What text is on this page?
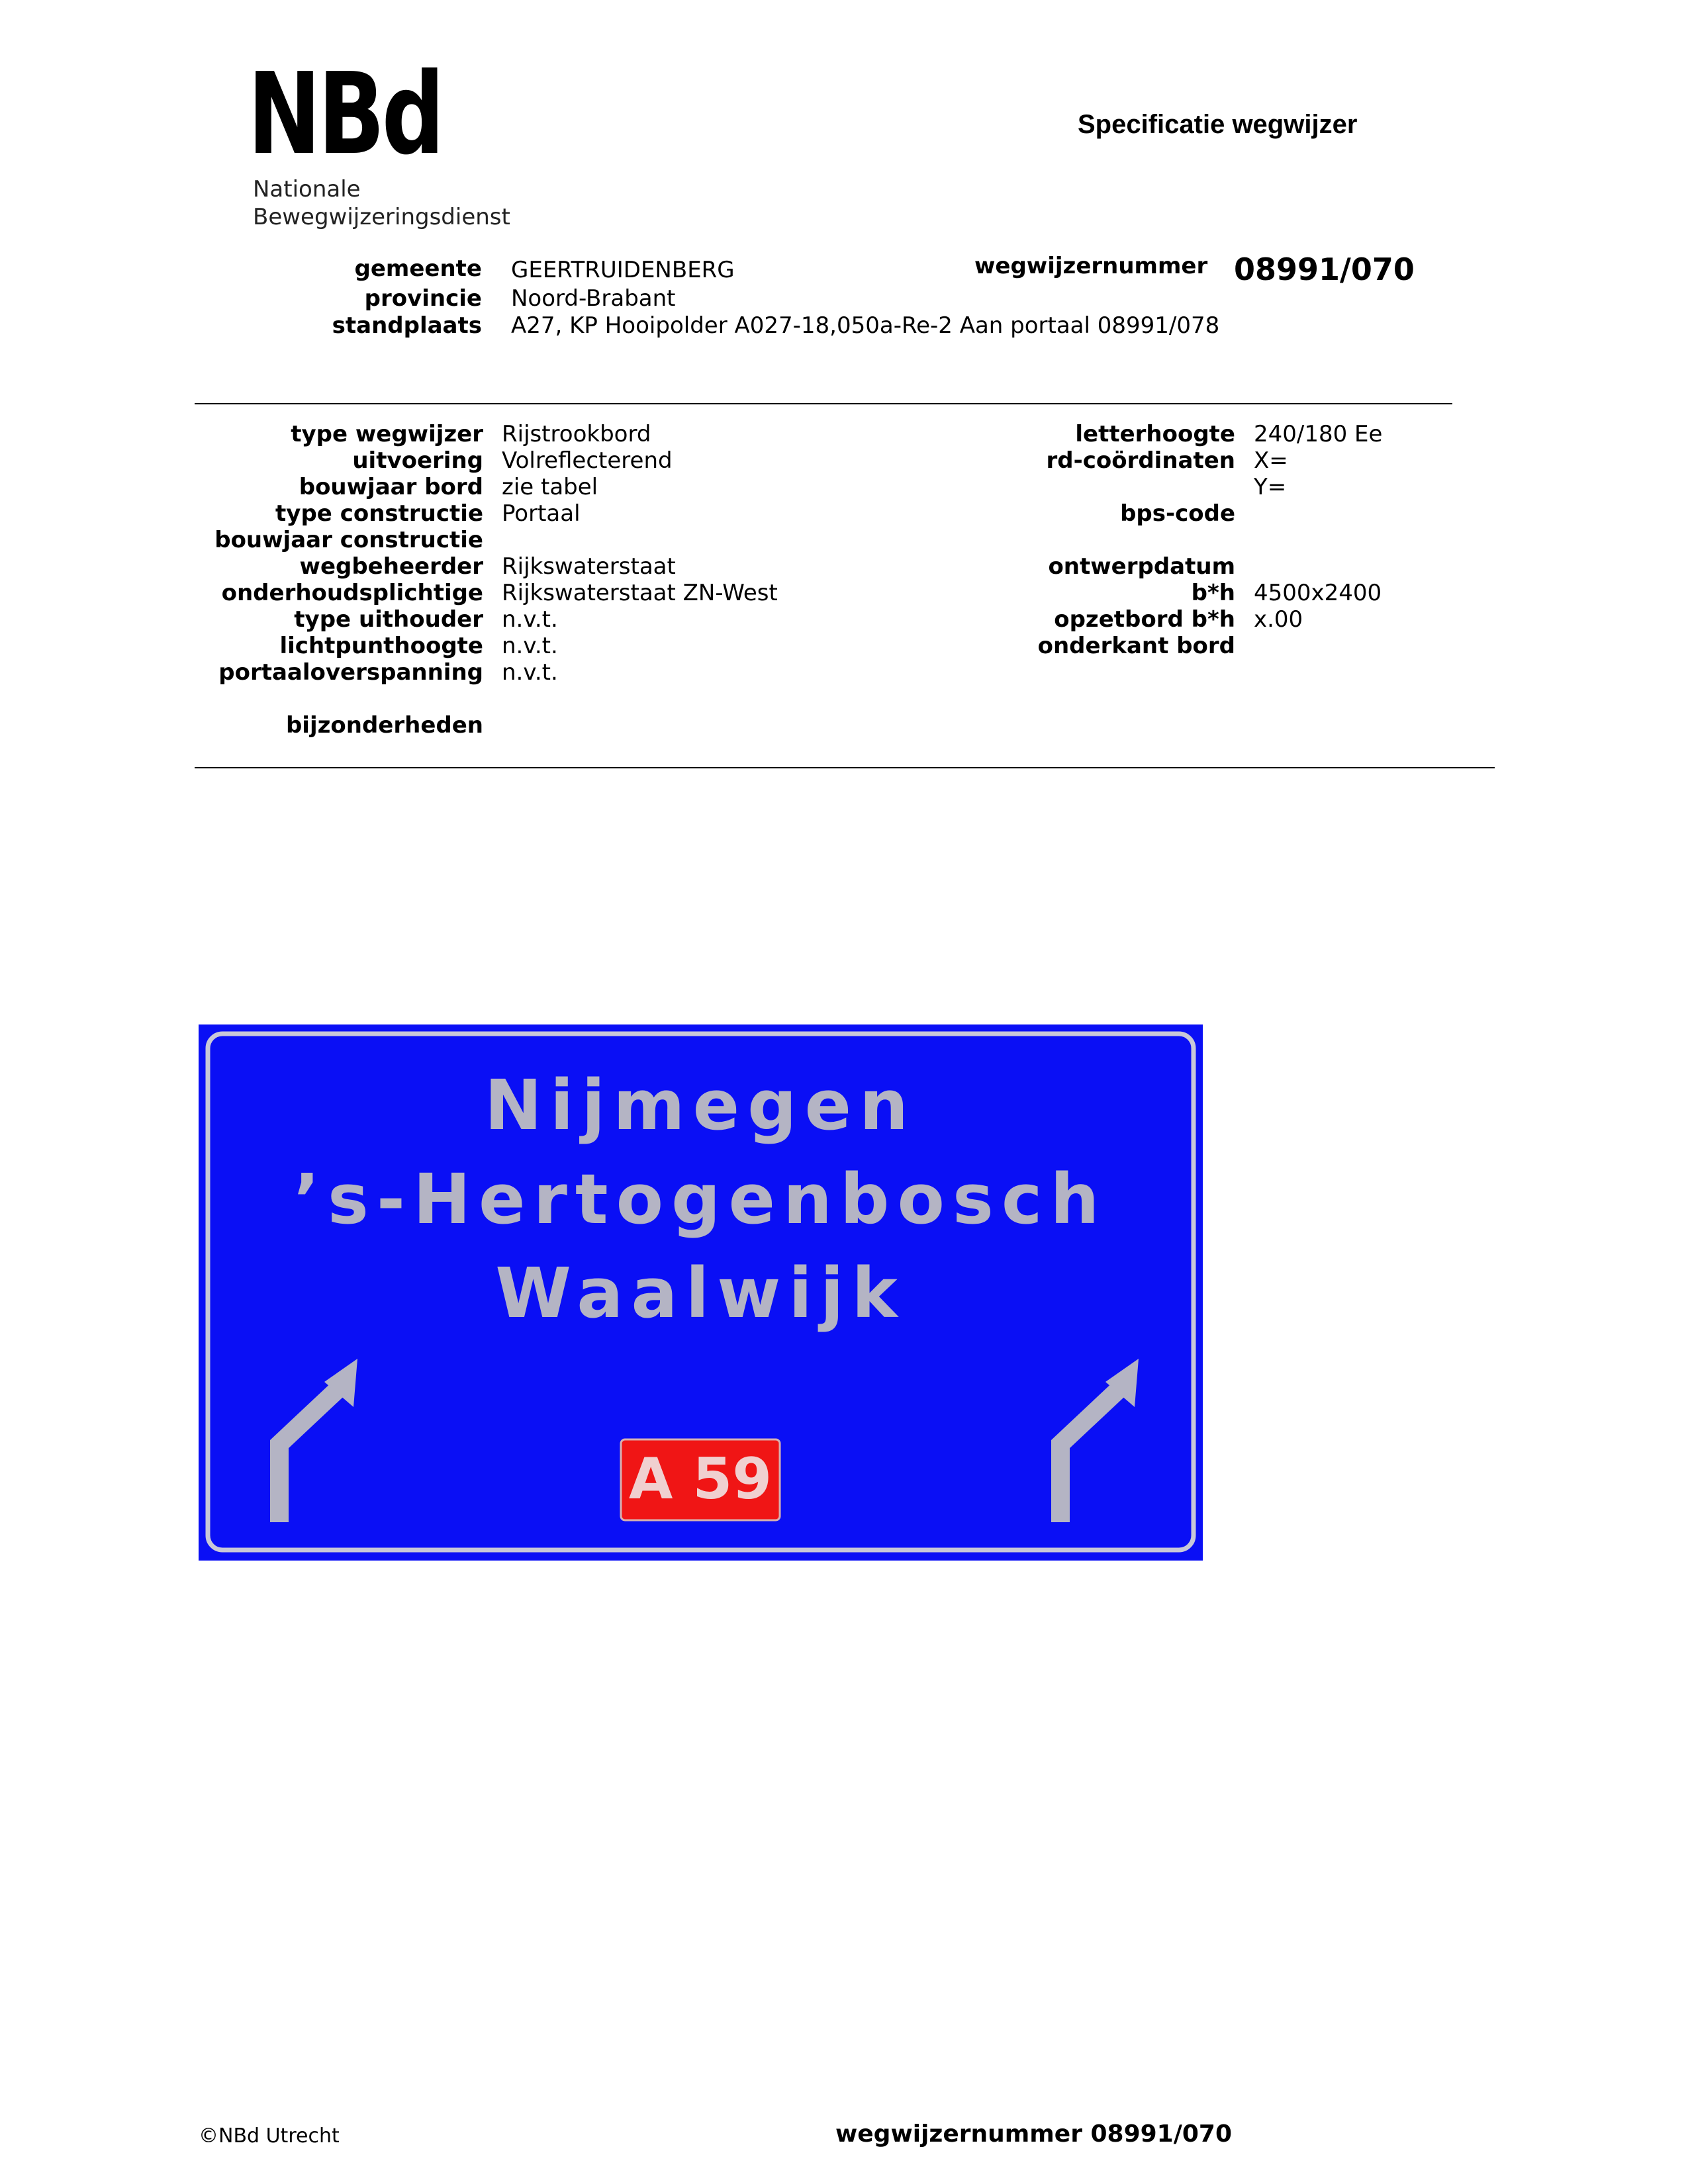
NBd
Nationale
Bewegwijzeringsdienst
Specificatie wegwijzer
gemeente GEERTRUIDENBERG
provincie Noord-Brabant
standplaats A27, KP Hooipolder A027-18,050a-Re-2 Aan portaal 08991/078
wegwijzernummer 08991/070
type wegwijzer
uitvoering
bouwjaar bord
type constructie
bouwjaar constructie
wegbeheerder
onderhoudsplichtige
type uithouder
lichtpunthoogte
portaaloverspanning
bijzonderheden
Rijstrookbord
Volreflecterend
zie tabel
Portaal
Rijkswaterstaat
Rijkswaterstaat ZN-West
n.v.t.
n.v.t.
n.v.t.
letterhoogte
rd-coördinaten
bps-code
ontwerpdatum
b*h
opzetbord b*h
onderkant bord
240/180 Ee
X=
Y=
4500x2400
x.00
Nijmegen
’s-Hertogenbosch
Waalwijk
A 59
©NBd Utrecht	wegwijzernummer 08991/070
